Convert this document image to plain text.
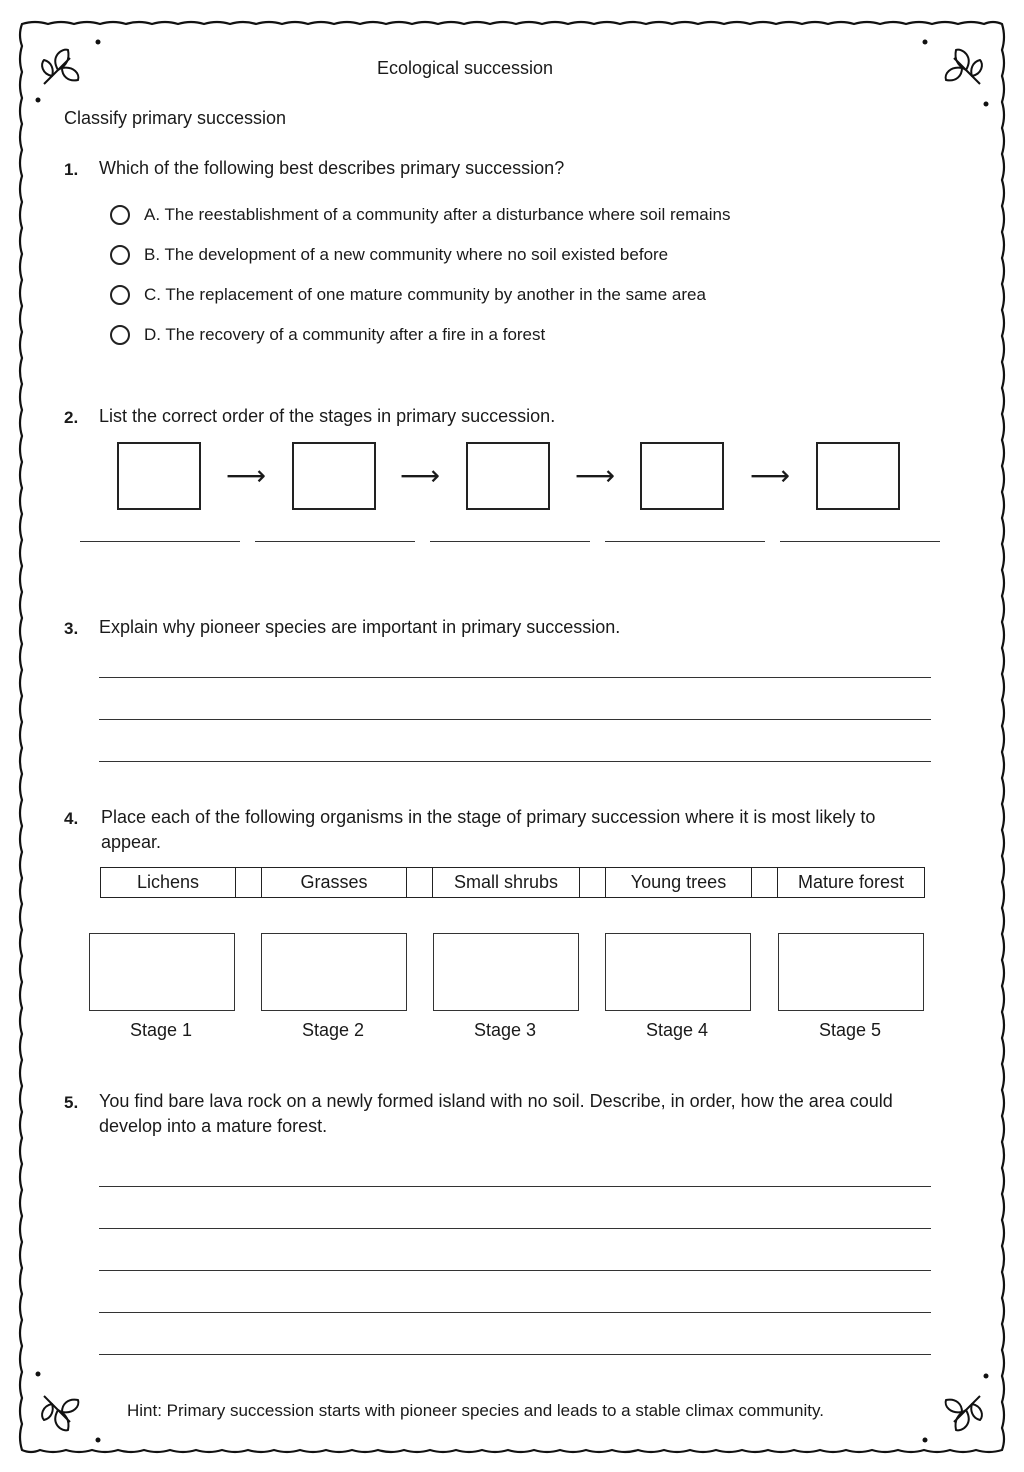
Ecological succession
Classify primary succession
1. Which of the following best describes primary succession?
A. The reestablishment of a community after a disturbance where soil remains
B. The development of a new community where no soil existed before
C. The replacement of one mature community by another in the same area
D. The recovery of a community after a fire in a forest
2. List the correct order of the stages in primary succession.
⟶	⟶	⟶	⟶
3. Explain why pioneer species are important in primary succession.
4. Place each of the following organisms in the stage of primary succession where it is most likely to appear.
Lichens	Grasses	Small shrubs	Young trees	Mature forest
Stage 1	Stage 2	Stage 3	Stage 4	Stage 5
5. You find bare lava rock on a newly formed island with no soil. Describe, in order, how the area could develop into a mature forest.
Hint: Primary succession starts with pioneer species and leads to a stable climax community.
